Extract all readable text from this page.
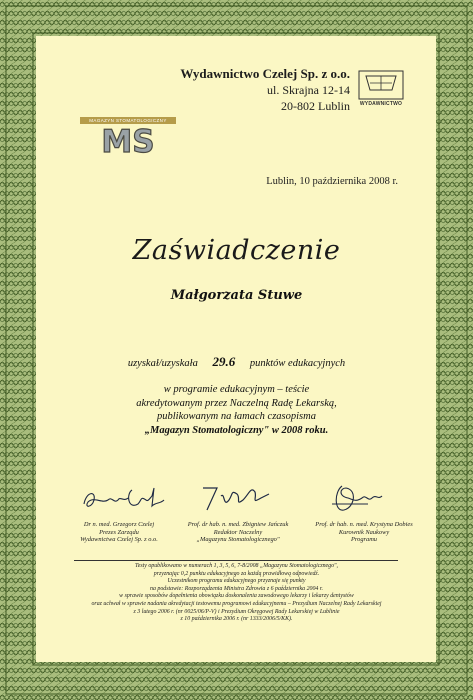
Wydawnictwo Czelej Sp. z o.o.
ul. Skrajna 12-14
20-802 Lublin	WYDAWNICTWO
MS
MAGAZYN STOMATOLOGICZNY
Lublin, 10 października 2008 r.
Zaświadczenie
Małgorzata Stuwe
uzyskał/uzyskała 29.6 punktów edukacyjnych
w programie edukacyjnym – teście
akredytowanym przez Naczelną Radę Lekarską,
publikowanym na łamach czasopisma
„Magazyn Stomatologiczny" w 2008 roku.
Dr n. med. Grzegorz Czelej
Prezes Zarządu
Wydawnictwa Czelej Sp. z o.o.
Prof. dr hab. n. med. Zbigniew Jańczuk
Redaktor Naczelny
„Magazynu Stomatologicznego"
Prof. dr hab. n. med. Krystyna Dobies
Kurownik Naukowy
Programu
Testy opublikowano w numerach 1, 3, 5, 6, 7-8/2008 „Magazynu Stomatologicznego",
przyznając 0,2 punktu edukacyjnego za każdą prawidłową odpowiedź.
Uczestnikom programu edukacyjnego przyznaje się punkty
na podstawie: Rozporządzenia Ministra Zdrowia z 6 października 2004 r.
w sprawie sposobów dopełnienia obowiązku doskonalenia zawodowego lekarzy i lekarzy dentystów
oraz uchwał w sprawie nadania akredytacji testowemu programowi edukacyjnemu – Prezydium Naczelnej Rady Lekarskiej
z 3 lutego 2006 r. (nr 0025/06/P-V) i Prezydium Okręgowej Rady Lekarskiej w Lublinie
z 10 października 2006 r. (nr 1333/2006/5/KK).
